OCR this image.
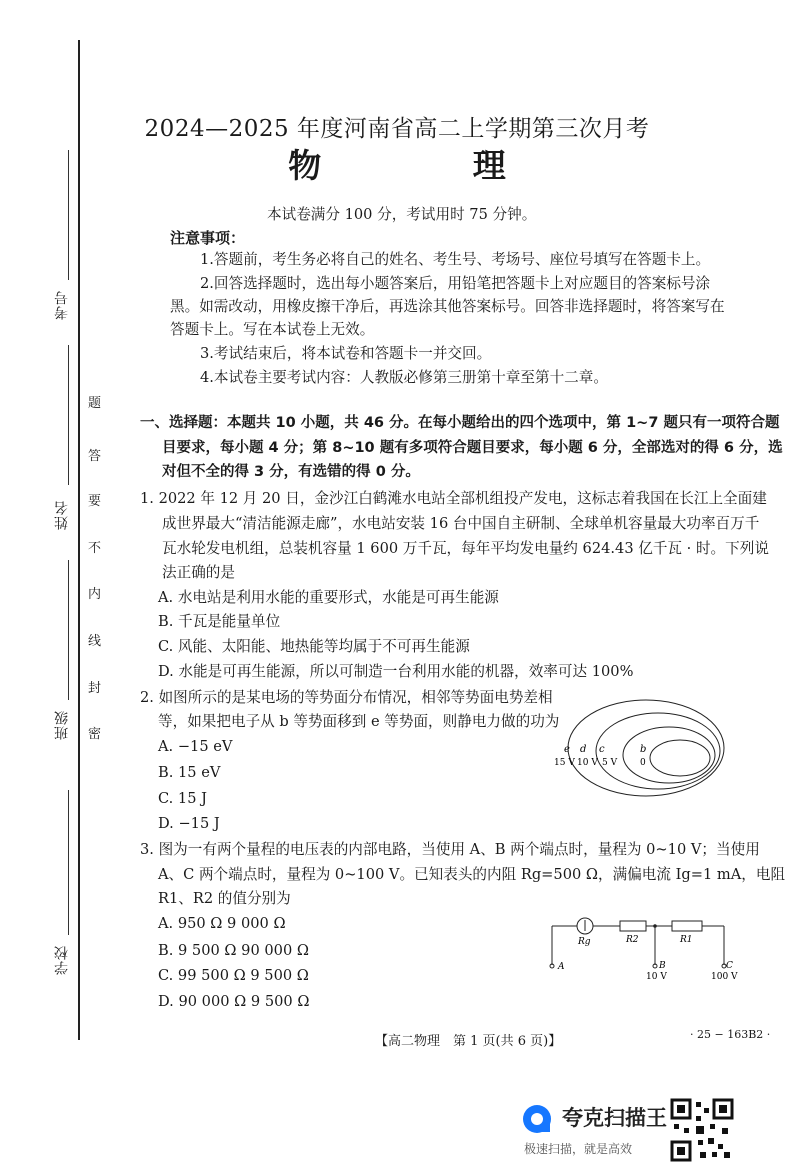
考号
姓名
班级
学校
题
答
要
不
内
线
封
密
2024—2025 年度河南省高二上学期第三次月考
物 理
本试卷满分 100 分，考试用时 75 分钟。
注意事项：
1.答题前，考生务必将自己的姓名、考生号、考场号、座位号填写在答题卡上。
2.回答选择题时，选出每小题答案后，用铅笔把答题卡上对应题目的答案标号涂
黑。如需改动，用橡皮擦干净后，再选涂其他答案标号。回答非选择题时，将答案写在
答题卡上。写在本试卷上无效。
3.考试结束后，将本试卷和答题卡一并交回。
4.本试卷主要考试内容：人教版必修第三册第十章至第十二章。
一、选择题：本题共 10 小题，共 46 分。在每小题给出的四个选项中，第 1~7 题只有一项符合题
目要求，每小题 4 分；第 8~10 题有多项符合题目要求，每小题 6 分，全部选对的得 6 分，选
对但不全的得 3 分，有选错的得 0 分。
1. 2022 年 12 月 20 日，金沙江白鹤滩水电站全部机组投产发电，这标志着我国在长江上全面建
成世界最大“清洁能源走廊”，水电站安装 16 台中国自主研制、全球单机容量最大功率百万千
瓦水轮发电机组，总装机容量 1 600 万千瓦，每年平均发电量约 624.43 亿千瓦 · 时。下列说
法正确的是
A. 水电站是利用水能的重要形式，水能是可再生能源
B. 千瓦是能量单位
C. 风能、太阳能、地热能等均属于不可再生能源
D. 水能是可再生能源，所以可制造一台利用水能的机器，效率可达 100%
2. 如图所示的是某电场的等势面分布情况，相邻等势面电势差相
等，如果把电子从 b 等势面移到 e 等势面，则静电力做的功为
A. −15 eV
B. 15 eV
C. 15 J
D. −15 J
e d c	b
15 V 10 V 5 V	0
3. 图为一有两个量程的电压表的内部电路，当使用 A、B 两个端点时，量程为 0~10 V；当使用
A、C 两个端点时，量程为 0~100 V。已知表头的内阻 Rg=500 Ω，满偏电流 Ig=1 mA，电阻
R1、R2 的值分别为
A. 950 Ω 9 000 Ω
B. 9 500 Ω 90 000 Ω
C. 99 500 Ω 9 500 Ω
D. 90 000 Ω 9 500 Ω
Rg	R2	R1
A	B	C
10 V	100 V
【高二物理　第 1 页(共 6 页)】	· 25 − 163B2 ·
夸克扫描王
极速扫描，就是高效
